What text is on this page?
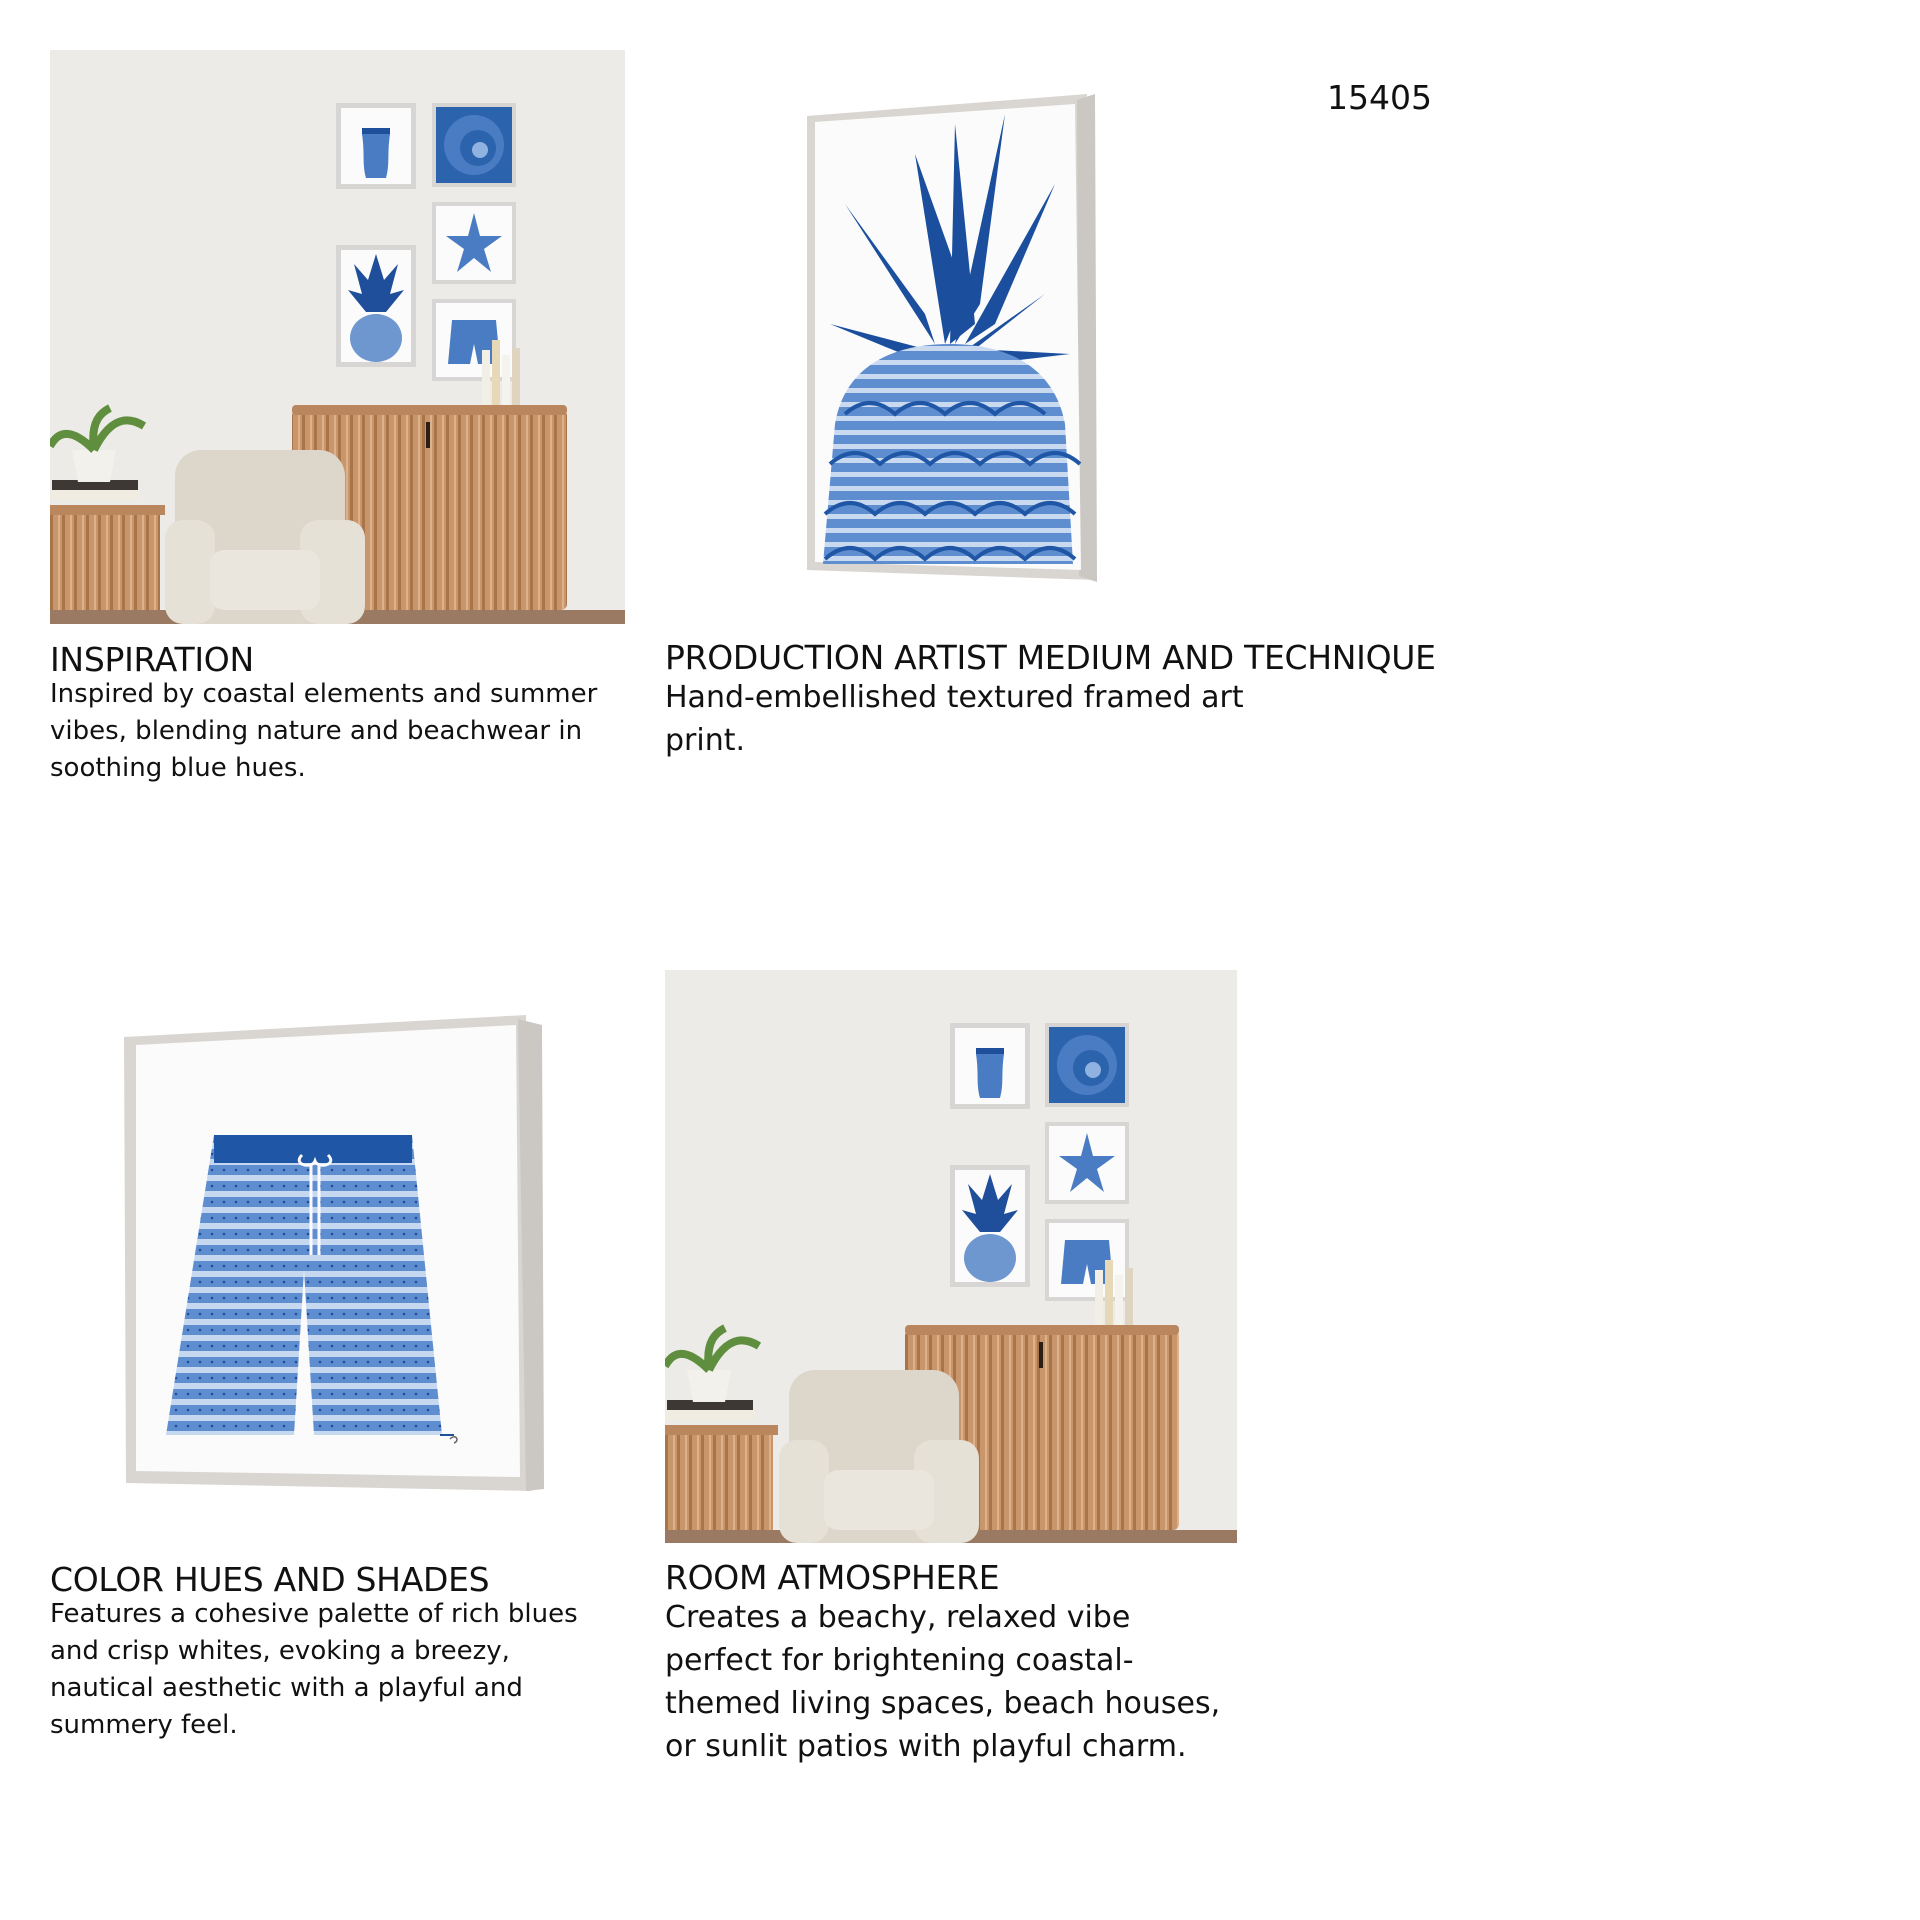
15405
INSPIRATION
Inspired by coastal elements and summer vibes, blending nature and beachwear in soothing blue hues.
PRODUCTION ARTIST MEDIUM AND TECHNIQUE
Hand-embellished textured framed art print.
COLOR HUES AND SHADES
Features a cohesive palette of rich blues and crisp whites, evoking a breezy, nautical aesthetic with a playful and summery feel.
ROOM ATMOSPHERE
Creates a beachy, relaxed vibe perfect for brightening coastal-themed living spaces, beach houses, or sunlit patios with playful charm.
